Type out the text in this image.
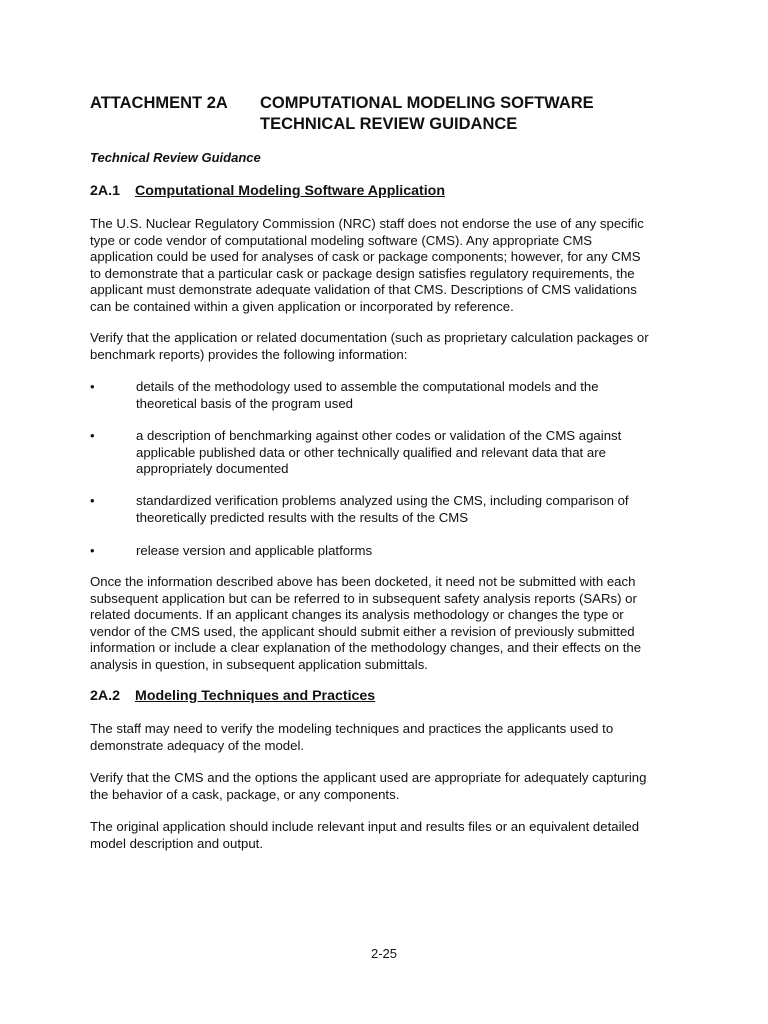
ATTACHMENT 2A COMPUTATIONAL MODELING SOFTWARE
TECHNICAL REVIEW GUIDANCE
Technical Review Guidance
2A.1 Computational Modeling Software Application
The U.S. Nuclear Regulatory Commission (NRC) staff does not endorse the use of any specific
type or code vendor of computational modeling software (CMS). Any appropriate CMS
application could be used for analyses of cask or package components; however, for any CMS
to demonstrate that a particular cask or package design satisfies regulatory requirements, the
applicant must demonstrate adequate validation of that CMS. Descriptions of CMS validations
can be contained within a given application or incorporated by reference.
Verify that the application or related documentation (such as proprietary calculation packages or
benchmark reports) provides the following information:
•	details of the methodology used to assemble the computational models and the
theoretical basis of the program used
•	a description of benchmarking against other codes or validation of the CMS against
applicable published data or other technically qualified and relevant data that are
appropriately documented
•	standardized verification problems analyzed using the CMS, including comparison of
theoretically predicted results with the results of the CMS
•	release version and applicable platforms
Once the information described above has been docketed, it need not be submitted with each
subsequent application but can be referred to in subsequent safety analysis reports (SARs) or
related documents. If an applicant changes its analysis methodology or changes the type or
vendor of the CMS used, the applicant should submit either a revision of previously submitted
information or include a clear explanation of the methodology changes, and their effects on the
analysis in question, in subsequent application submittals.
2A.2 Modeling Techniques and Practices
The staff may need to verify the modeling techniques and practices the applicants used to
demonstrate adequacy of the model.
Verify that the CMS and the options the applicant used are appropriate for adequately capturing
the behavior of a cask, package, or any components.
The original application should include relevant input and results files or an equivalent detailed
model description and output.
2-25
